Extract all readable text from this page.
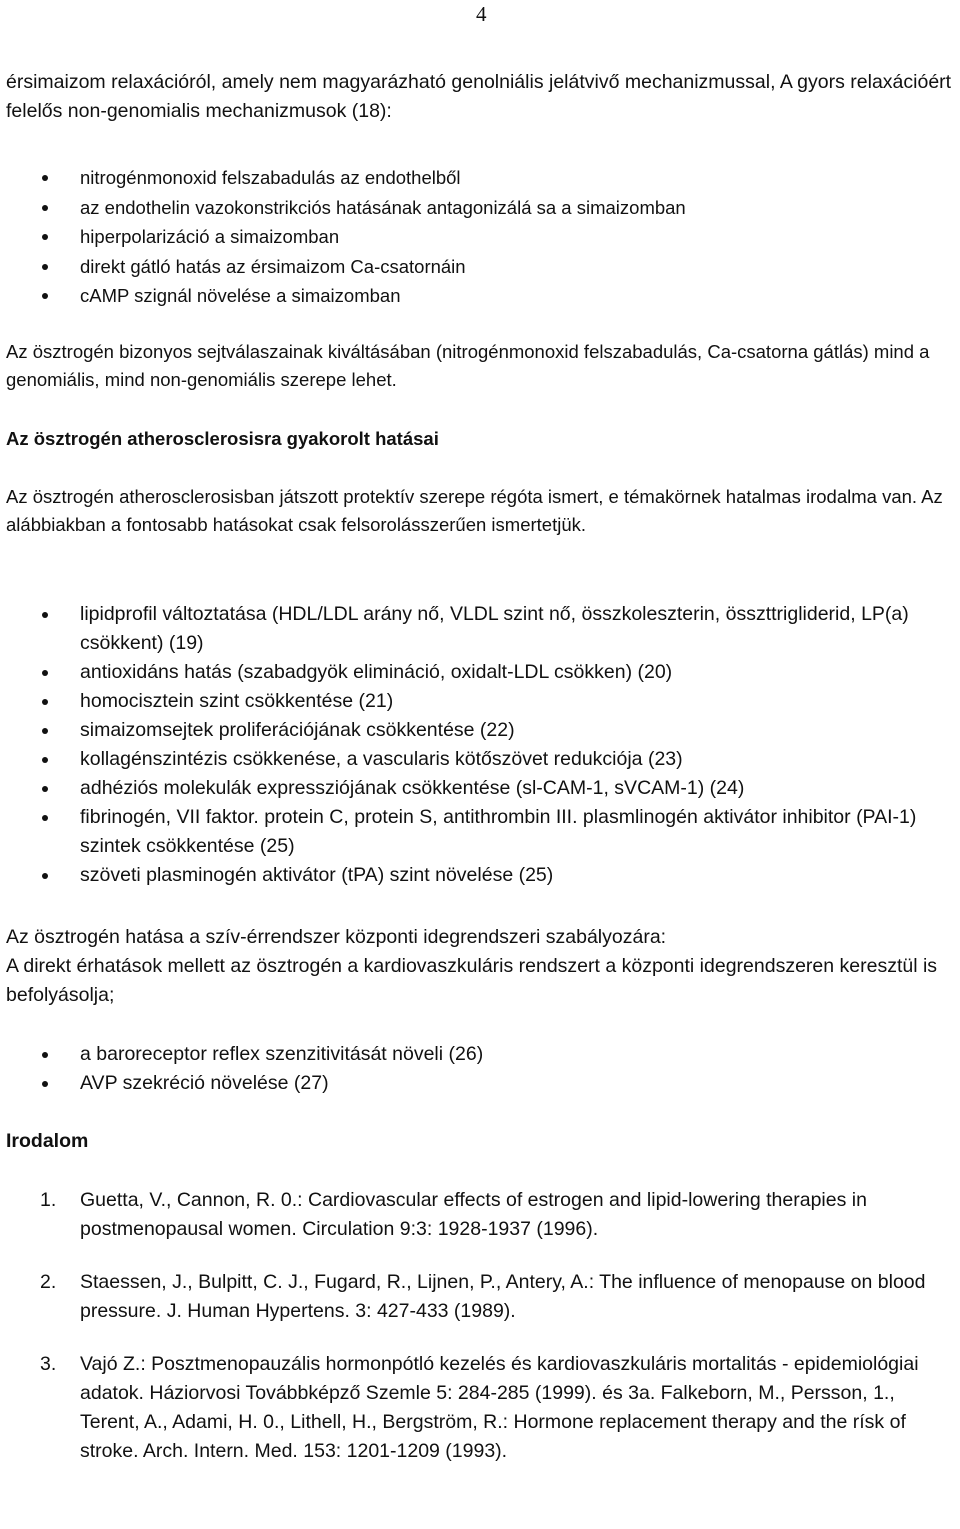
4

érsimaizom relaxációról, amely nem magyarázható genolniális jelátvivő mechanizmussal, A gyors relaxációért felelős non-genomialis mechanizmusok (18):

nitrogénmonoxid felszabadulás az endothelből
az endothelin vazokonstrikciós hatásának antagonizálá sa a simaizomban
hiperpolarizáció a simaizomban
direkt gátló hatás az érsimaizom Ca-csatornáin
cAMP szignál növelése a simaizomban

Az ösztrogén bizonyos sejtválaszainak kiváltásában (nitrogénmonoxid felszabadulás, Ca-csatorna gátlás) mind a genomiális, mind non-genomiális szerepe lehet.

Az ösztrogén atherosclerosisra gyakorolt hatásai

Az ösztrogén atherosclerosisban játszott protektív szerepe régóta ismert, e témakörnek hatalmas irodalma van. Az alábbiakban a fontosabb hatásokat csak felsorolásszerűen ismertetjük.

lipidprofil változtatása (HDL/LDL arány nő, VLDL szint nő, összkoleszterin, összttrigliderid, LP(a) csökkent) (19)
antioxidáns hatás (szabadgyök elimináció, oxidalt-LDL csökken) (20)
homocisztein szint csökkentése (21)
simaizomsejtek proliferációjának csökkentése (22)
kollagénszintézis csökkenése, a vascularis kötőszövet redukciója (23)
adhéziós molekulák expressziójának csökkentése (sl-CAM-1, sVCAM-1) (24)
fibrinogén, VII faktor. protein C, protein S, antithrombin III. plasmlinogén aktivátor inhibitor (PAI-1) szintek csökkentése (25)
szöveti plasminogén aktivátor (tPA) szint növelése (25)

Az ösztrogén hatása a szív-érrendszer központi idegrendszeri szabályozára:

A direkt érhatások mellett az ösztrogén a kardiovaszkuláris rendszert a központi idegrendszeren keresztül is befolyásolja;

a baroreceptor reflex szenzitivitását növeli (26)
AVP szekréció növelése (27)
Irodalom
1. Guetta, V., Cannon, R. 0.: Cardiovascular effects of estrogen and lipid-lowering therapies in postmenopausal women. Circulation 9:3: 1928-1937 (1996).
2. Staessen, J., Bulpitt, C. J., Fugard, R., Lijnen, P., Antery, A.: The influence of menopause on blood pressure. J. Human Hypertens. 3: 427-433 (1989).
3. Vajó Z.: Posztmenopauzális hormonpótló kezelés és kardiovaszkuláris mortalitás - epidemiológiai adatok. Háziorvosi Továbbképző Szemle 5: 284-285 (1999). és 3a. Falkeborn, M., Persson, 1., Terent, A., Adami, H. 0., Lithell, H., Bergström, R.: Hormone replacement therapy and the rísk of stroke. Arch. Intern. Med. 153: 1201-1209 (1993).
